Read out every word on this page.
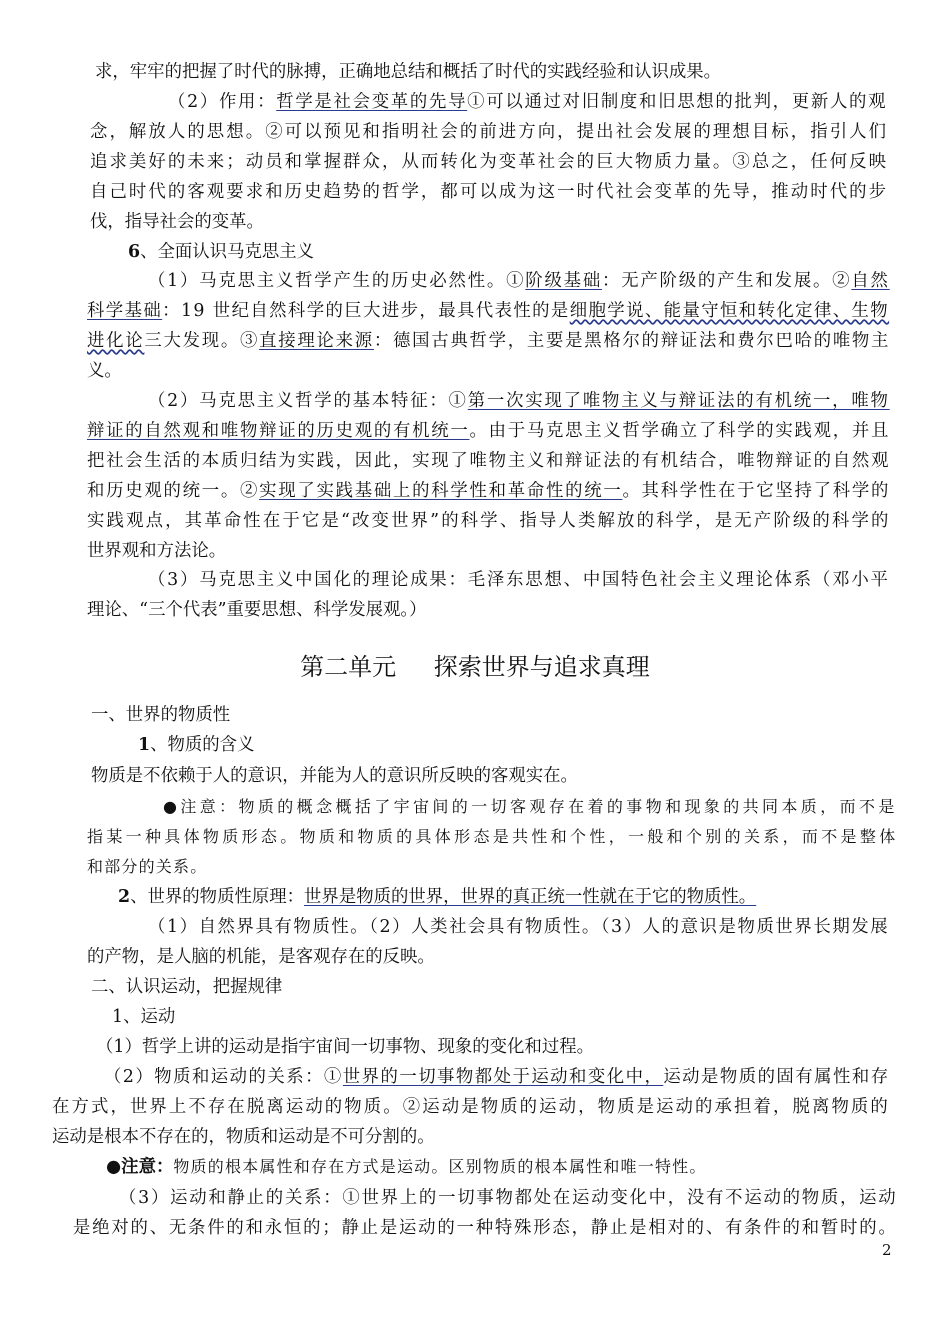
第二单元 探索世界与追求真理
2
求，牢牢的把握了时代的脉搏，正确地总结和概括了时代的实践经验和认识成果。
（2）作用：哲学是社会变革的先导①可以通过对旧制度和旧思想的批判，更新人的观
念，解放人的思想。②可以预见和指明社会的前进方向，提出社会发展的理想目标，指引人们
追求美好的未来；动员和掌握群众，从而转化为变革社会的巨大物质力量。③总之，任何反映
自己时代的客观要求和历史趋势的哲学，都可以成为这一时代社会变革的先导，推动时代的步
伐，指导社会的变革。
6、全面认识马克思主义
（1）马克思主义哲学产生的历史必然性。①阶级基础：无产阶级的产生和发展。②自然
科学基础：19 世纪自然科学的巨大进步，最具代表性的是细胞学说、能量守恒和转化定律、生物
进化论三大发现。③直接理论来源：德国古典哲学，主要是黑格尔的辩证法和费尔巴哈的唯物主
义。
（2）马克思主义哲学的基本特征：①第一次实现了唯物主义与辩证法的有机统一，唯物
辩证的自然观和唯物辩证的历史观的有机统一。由于马克思主义哲学确立了科学的实践观，并且
把社会生活的本质归结为实践，因此，实现了唯物主义和辩证法的有机结合，唯物辩证的自然观
和历史观的统一。②实现了实践基础上的科学性和革命性的统一。其科学性在于它坚持了科学的
实践观点，其革命性在于它是“改变世界”的科学、指导人类解放的科学，是无产阶级的科学的
世界观和方法论。
（3）马克思主义中国化的理论成果：毛泽东思想、中国特色社会主义理论体系（邓小平
理论、“三个代表”重要思想、科学发展观。）
一、世界的物质性
1、物质的含义
物质是不依赖于人的意识，并能为人的意识所反映的客观实在。
●注意：物质的概念概括了宇宙间的一切客观存在着的事物和现象的共同本质，而不是
指某一种具体物质形态。物质和物质的具体形态是共性和个性，一般和个别的关系，而不是整体
和部分的关系。
2、世界的物质性原理：世界是物质的世界，世界的真正统一性就在于它的物质性。
（1）自然界具有物质性。（2）人类社会具有物质性。（3）人的意识是物质世界长期发展
的产物，是人脑的机能，是客观存在的反映。
二、认识运动，把握规律
1、运动
（1）哲学上讲的运动是指宇宙间一切事物、现象的变化和过程。
（2）物质和运动的关系：①世界的一切事物都处于运动和变化中，运动是物质的固有属性和存
在方式，世界上不存在脱离运动的物质。②运动是物质的运动，物质是运动的承担着，脱离物质的
运动是根本不存在的，物质和运动是不可分割的。
●注意：物质的根本属性和存在方式是运动。区别物质的根本属性和唯一特性。
（3）运动和静止的关系：①世界上的一切事物都处在运动变化中，没有不运动的物质，运动
是绝对的、无条件的和永恒的；静止是运动的一种特殊形态，静止是相对的、有条件的和暂时的。
